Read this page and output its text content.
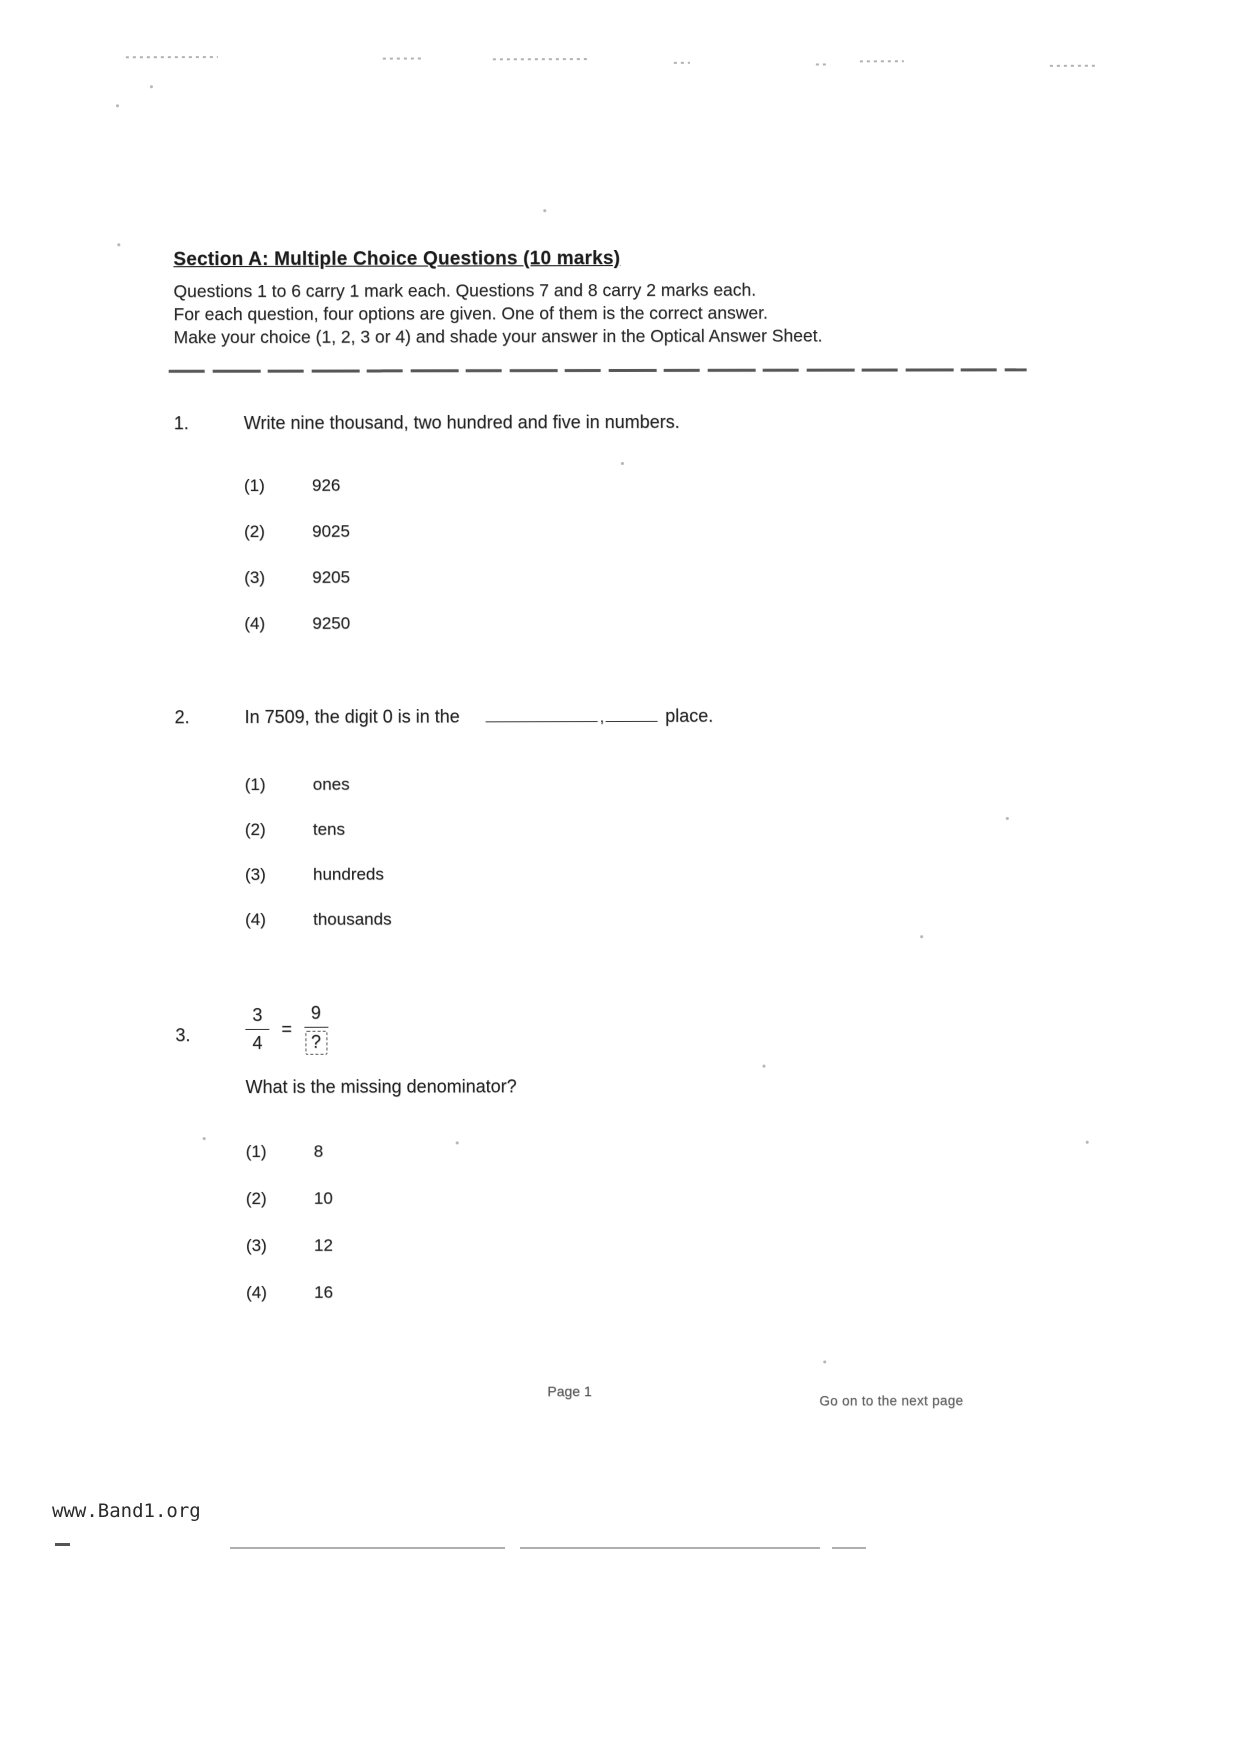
Section A: Multiple Choice Questions (10 marks)
Questions 1 to 6 carry 1 mark each. Questions 7 and 8 carry 2 marks each.
For each question, four options are given. One of them is the correct answer.
Make your choice (1, 2, 3 or 4) and shade your answer in the Optical Answer Sheet.
1.	Write nine thousand, two hundred and five in numbers.
(1)	926
(2)	9025
(3)	9205
(4)	9250
2.	In 7509, the digit 0 is in the	,	place.
(1)	ones
(2)	tens
(3)	hundreds
(4)	thousands
3.	$\frac{3}{4} = \frac{9}{?}$
What is the missing denominator?
(1)	8
(2)	10
(3)	12
(4)	16
Page 1
Go on to the next page
www.Band1.org
